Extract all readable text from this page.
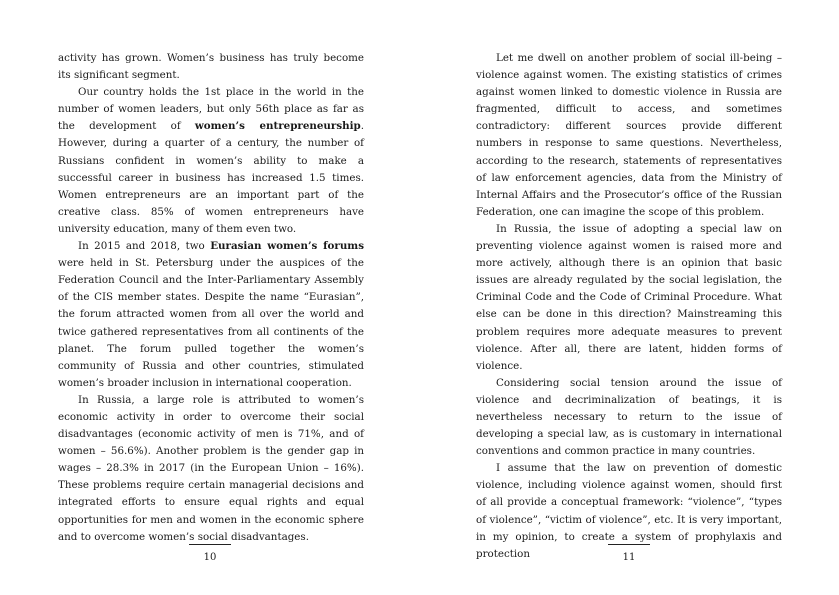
activity has grown. Women’s business has truly become its significant segment.

Our country holds the 1st place in the world in the number of women leaders, but only 56th place as far as the development of women’s entrepreneurship. However, during a quarter of a century, the number of Russians confident in women’s ability to make a successful career in business has increased 1.5 times. Women entrepreneurs are an important part of the creative class. 85% of women entrepreneurs have university education, many of them even two.

In 2015 and 2018, two Eurasian women’s forums were held in St. Petersburg under the auspices of the Federation Council and the Inter-Parliamentary Assembly of the CIS member states. Despite the name “Eurasian”, the forum attracted women from all over the world and twice gathered representatives from all continents of the planet. The forum pulled together the women’s community of Russia and other countries, stimulated women’s broader inclusion in international cooperation.

In Russia, a large role is attributed to women’s economic activity in order to overcome their social disadvantages (economic activity of men is 71%, and of women – 56.6%). Another problem is the gender gap in wages – 28.3% in 2017 (in the European Union – 16%). These problems require certain managerial decisions and integrated efforts to ensure equal rights and equal opportunities for men and women in the economic sphere and to overcome women’s social disadvantages.

10

Let me dwell on another problem of social ill-being – violence against women. The existing statistics of crimes against women linked to domestic violence in Russia are fragmented, difficult to access, and sometimes contradictory: different sources provide different numbers in response to same questions. Nevertheless, according to the research, statements of representatives of law enforcement agencies, data from the Ministry of Internal Affairs and the Prosecutor’s office of the Russian Federation, one can imagine the scope of this problem.

In Russia, the issue of adopting a special law on preventing violence against women is raised more and more actively, although there is an opinion that basic issues are already regulated by the social legislation, the Criminal Code and the Code of Criminal Procedure. What else can be done in this direction? Mainstreaming this problem requires more adequate measures to prevent violence. After all, there are latent, hidden forms of violence.

Considering social tension around the issue of violence and decriminalization of beatings, it is nevertheless necessary to return to the issue of developing a special law, as is customary in international conventions and common practice in many countries.

I assume that the law on prevention of domestic violence, including violence against women, should first of all provide a conceptual framework: “violence”, “types of violence”, “victim of violence”, etc. It is very important, in my opinion, to create a system of prophylaxis and protection	11
